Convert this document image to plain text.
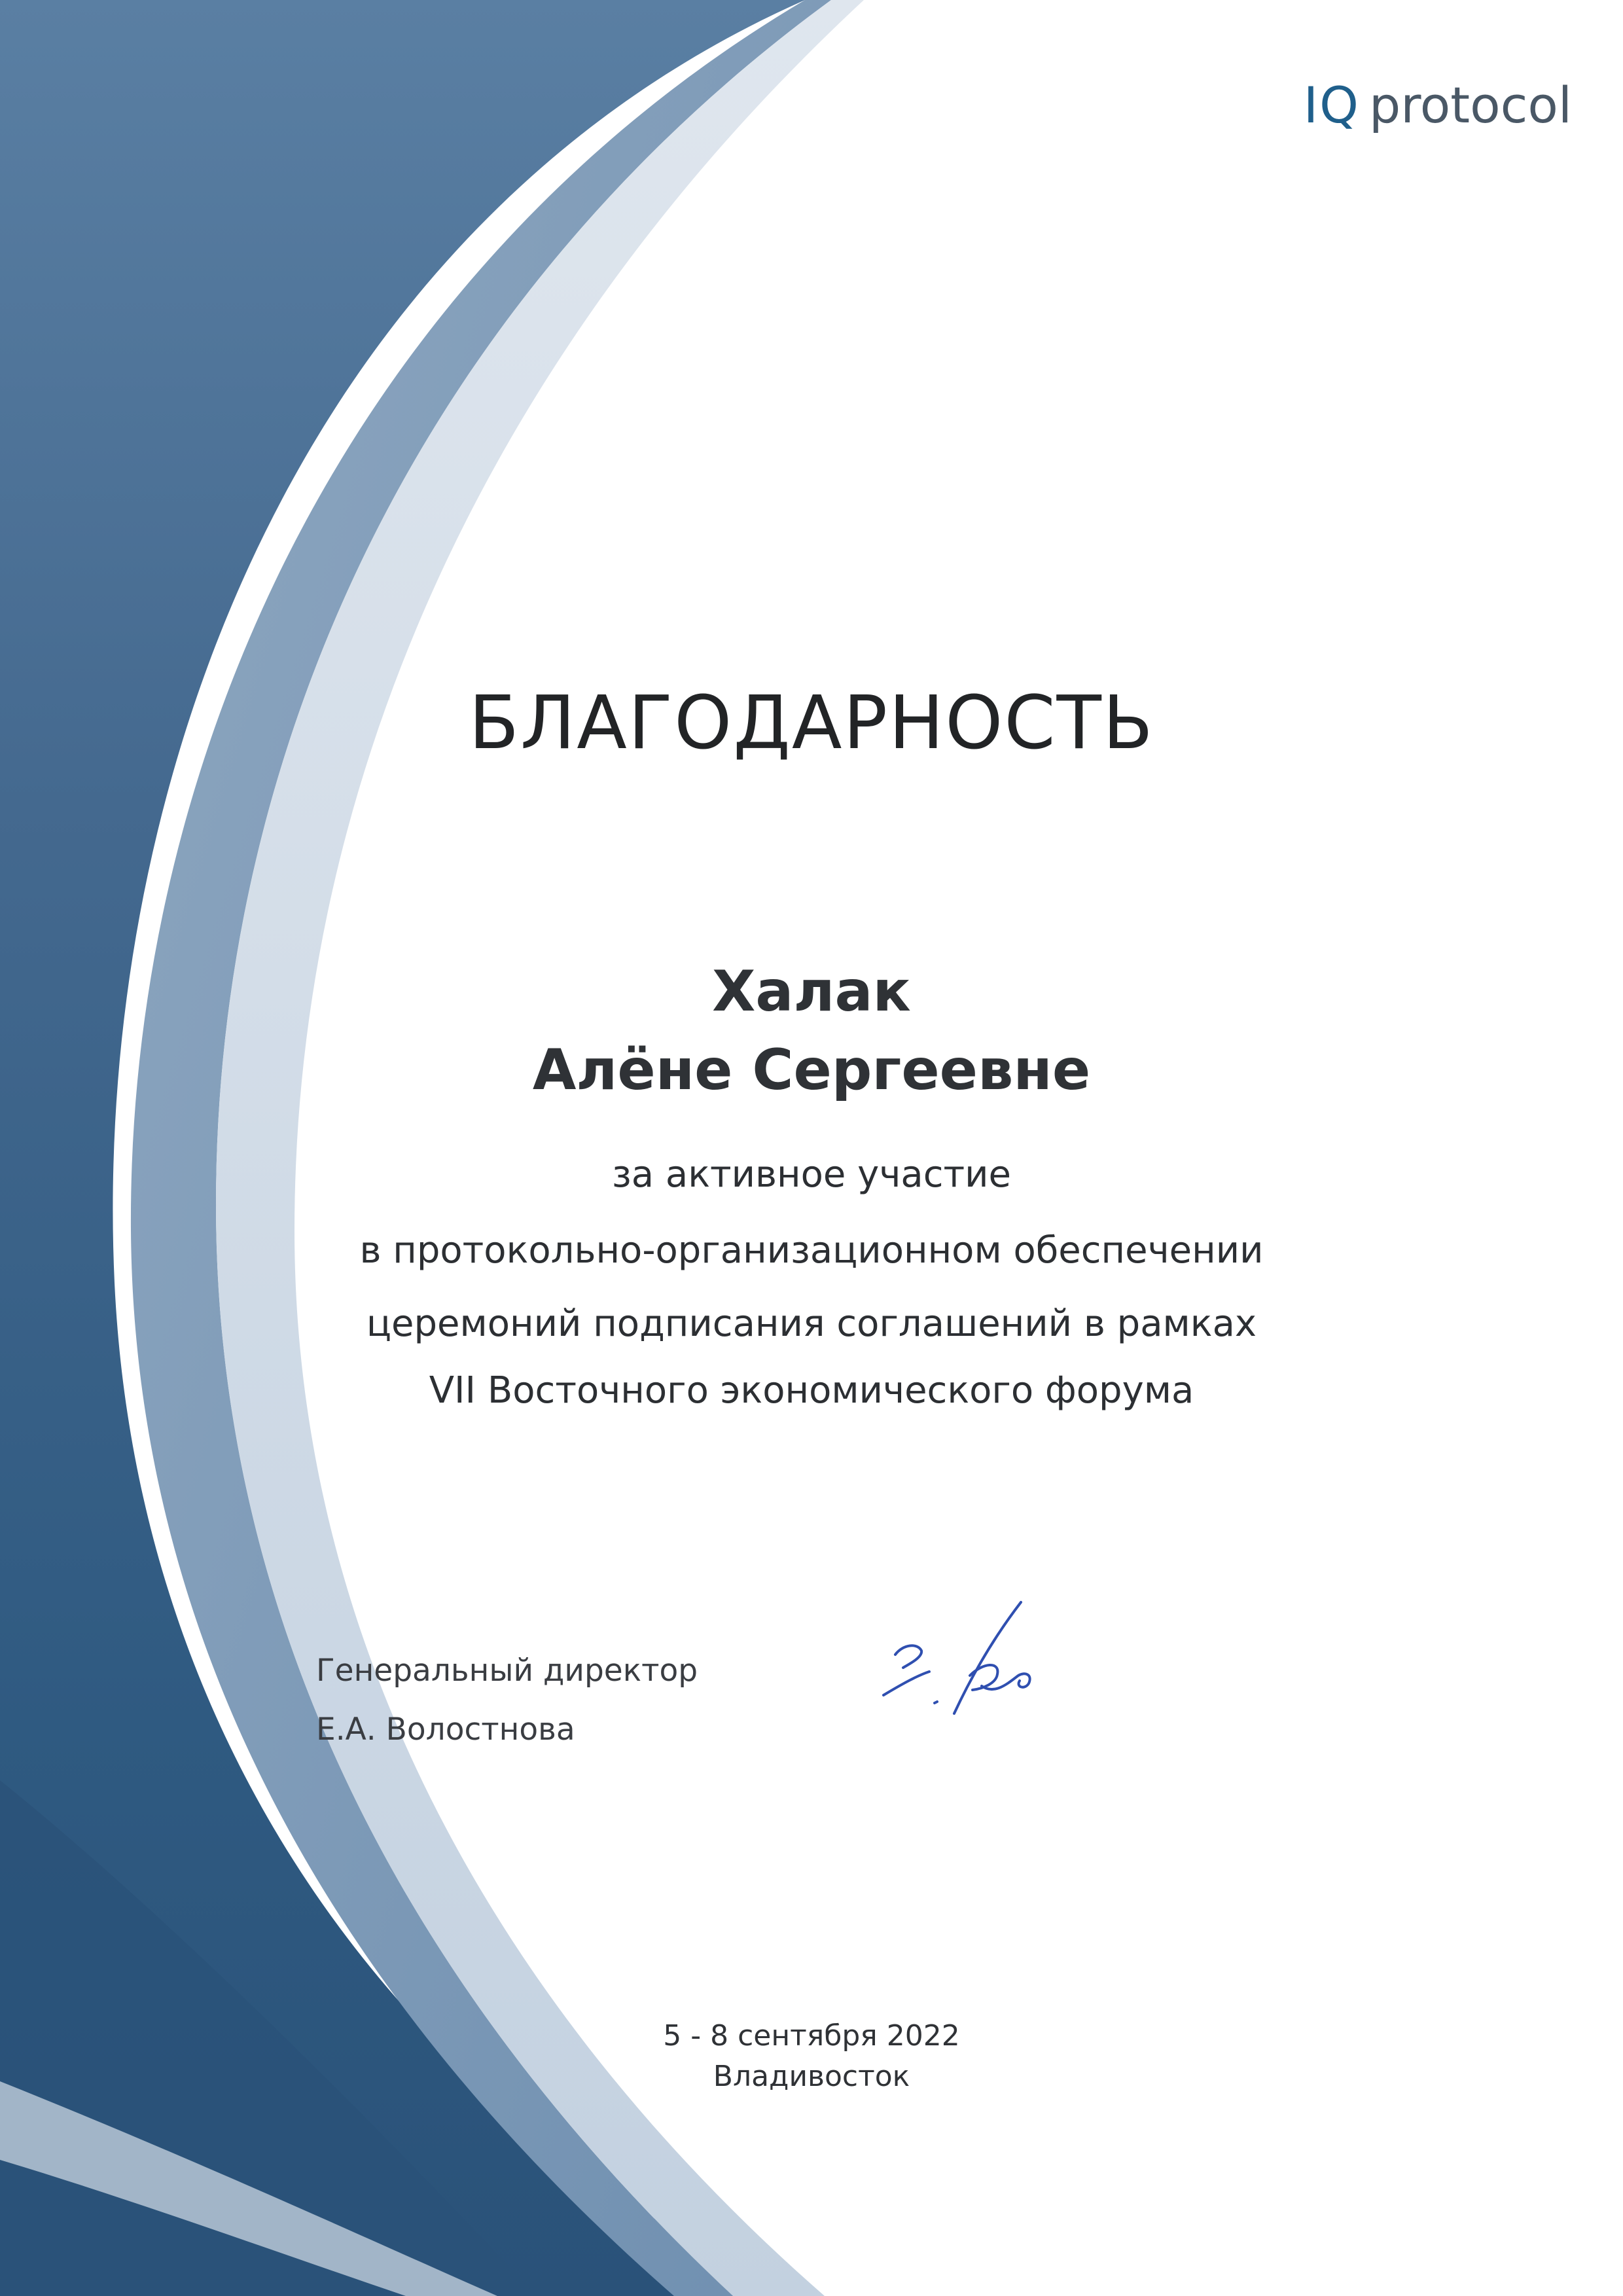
IQ protocol
БЛАГОДАРНОСТЬ
Халак
Алёне Сергеевне
за активное участие
в протокольно-организационном обеспечении
церемоний подписания соглашений в рамках
VII Восточного экономического форума
Генеральный директор
Е.А. Волостнова
5 - 8 сентября 2022
Владивосток
